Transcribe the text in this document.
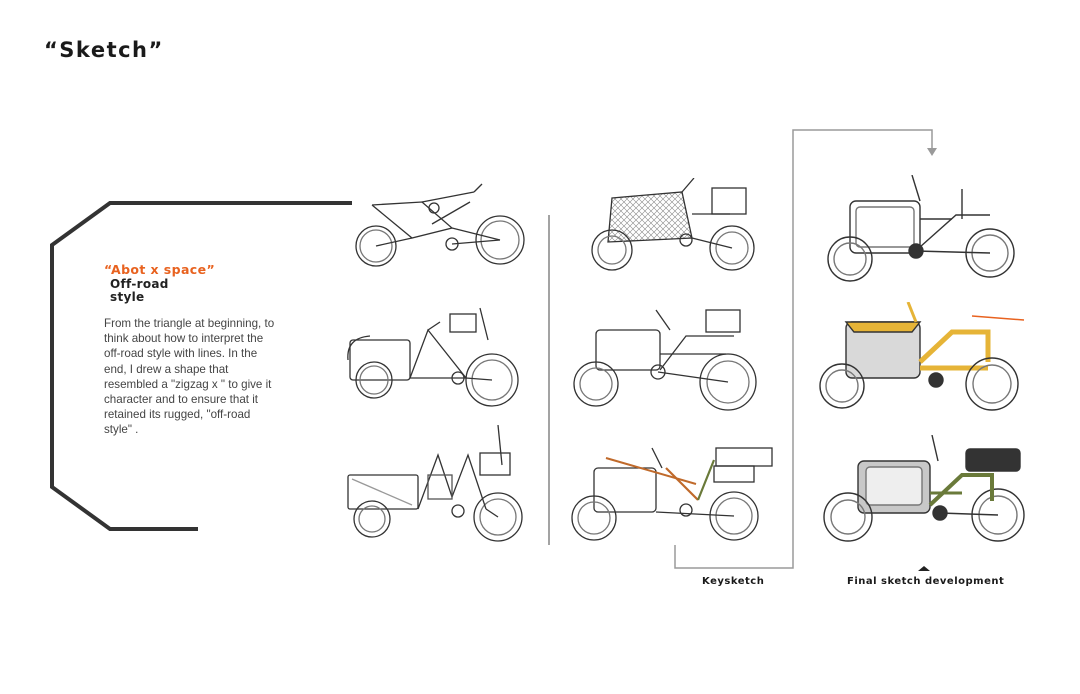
“Sketch”
“Abot x space”
Off-road style
From the triangle at beginning, to think about how to interpret the off-road style with lines. In the end, I drew a shape that resembled a "zigzag x " to give it character and to ensure that it retained its rugged, "off-road style" .
Keysketch	Final sketch development
